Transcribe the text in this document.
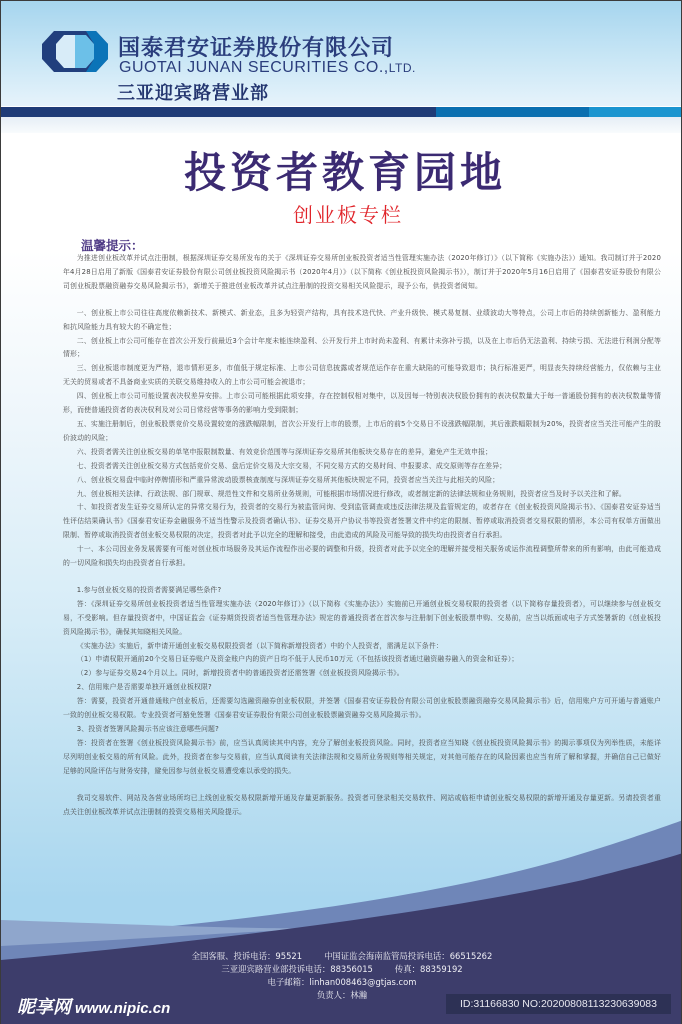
国泰君安证券股份有限公司
GUOTAI JUNAN SECURITIES CO.,LTD.
三亚迎宾路营业部
投资者教育园地
创业板专栏
温馨提示：

为推进创业板改革并试点注册制，根据深圳证券交易所发布的关于《深圳证券交易所创业板投资者适当性管理实施办法（2020年修订）》（以下简称《实施办法》）通知。我司制订并于2020年4月28日启用了新版《国泰君安证券股份有限公司创业板投资风险揭示书（2020年4月）》（以下简称《创业板投资风险揭示书》），制订并于2020年5月16日启用了《国泰君安证券股份有限公司创业板股票融资融券交易风险揭示书》，新增关于推进创业板改革并试点注册制的投资交易相关风险提示，现予公布，供投资者阅知。

一、创业板上市公司往往高度依赖新技术、新模式、新业态，且多为轻资产结构，具有技术迭代快、产业升级快、模式易复制、业绩波动大等特点，公司上市后的持续创新能力、盈利能力和抗风险能力具有较大的不确定性；

二、创业板上市公司可能存在首次公开发行前最近3个会计年度未能连续盈利、公开发行并上市时尚未盈利、有累计未弥补亏损，以及在上市后仍无法盈利、持续亏损、无法进行利润分配等情形；

三、创业板退市制度更为严格，退市情形更多，市值低于规定标准、上市公司信息披露或者规范运作存在重大缺陷的可能导致退市；执行标准更严，明显丧失持续经营能力，仅依赖与主业无关的贸易或者不具备商业实质的关联交易维持收入的上市公司可能会被退市；

四、创业板上市公司可能设置表决权差异安排。上市公司可能根据此项安排，存在控制权相对集中，以及因每一特别表决权股份拥有的表决权数量大于每一普通股份拥有的表决权数量等情形，而使普通投资者的表决权利及对公司日常经营等事务的影响力受到限制；

五、实施注册制后，创业板股票竞价交易设置较宽的涨跌幅限制，首次公开发行上市的股票，上市后的前5个交易日不设涨跌幅限制，其后涨跌幅限制为20%，投资者应当关注可能产生的股价波动的风险；

六、投资者需关注创业板交易的单笔申报限制数量、有效竞价范围等与深圳证券交易所其他板块交易存在的差异，避免产生无效申报；

七、投资者需关注创业板交易方式包括竞价交易、盘后定价交易及大宗交易，不同交易方式的交易时间、申报要求、成交原则等存在差异；

八、创业板交易盘中临时停牌情形和严重异常波动股票核查制度与深圳证券交易所其他板块规定不同，投资者应当关注与此相关的风险；

九、创业板相关法律、行政法规、部门规章、规范性文件和交易所业务规则，可能根据市场情况进行修改，或者制定新的法律法规和业务规则，投资者应当及时予以关注和了解。

十、如投资者发生证券交易所认定的异常交易行为，投资者的交易行为被监管问询、受到监管调查或违反法律法规及监管规定的，或者存在《创业板投资风险揭示书》、《国泰君安证券适当性评估结果确认书》《国泰君安证券金融服务不适当性警示及投资者确认书》、证券交易开户协议书等投资者签署文件中约定的限制、暂停或取消投资者交易权限的情形，本公司有权单方面做出限制、暂停或取消投资者创业板交易权限的决定，投资者对此予以完全的理解和接受，由此造成的风险及可能导致的损失均由投资者自行承担。

十一、本公司因业务发展需要有可能对创业板市场服务及其运作流程作出必要的调整和升级，投资者对此予以完全的理解并接受相关服务或运作流程调整所带来的所有影响，由此可能造成的一切风险和损失均由投资者自行承担。

1.参与创业板交易的投资者需要满足哪些条件?

答：《深圳证券交易所创业板投资者适当性管理实施办法（2020年修订）》（以下简称《实施办法》）实施前已开通创业板交易权限的投资者（以下简称存量投资者），可以继续参与创业板交易，不受影响。但存量投资者中，中国证监会《证券期货投资者适当性管理办法》规定的普通投资者在首次参与注册制下创业板股票申购、交易前，应当以纸面或电子方式签署新的《创业板投资风险揭示书》，确保其知晓相关风险。

《实施办法》实施后，新申请开通创业板交易权限投资者（以下简称新增投资者）中的个人投资者，需满足以下条件：

（1）申请权限开通前20个交易日证券账户及资金账户内的资产日均不低于人民币10万元（不包括该投资者通过融资融券融入的资金和证券）；

（2）参与证券交易24个月以上。同时，新增投资者中的普通投资者还需签署《创业板投资风险揭示书》。

2、信用账户是否需要单独开通创业板权限?

答：需要，投资者开通普通账户创业板后，还需要勾选融资融券创业板权限，并签署《国泰君安证券股份有限公司创业板股票融资融券交易风险揭示书》后，信用账户方可开通与普通账户一致的创业板交易权限。专业投资者可豁免签署《国泰君安证券股份有限公司创业板股票融资融券交易风险揭示书》。

3、投资者签署风险揭示书应该注意哪些问题?

答：投资者在签署《创业板投资风险揭示书》前，应当认真阅读其中内容，充分了解创业板投资风险。同时，投资者应当知晓《创业板投资风险揭示书》的揭示事项仅为列举性质，未能详尽列明创业板交易的所有风险。此外，投资者在参与交易前，应当认真阅读有关法律法规和交易所业务规则等相关规定，对其他可能存在的风险因素也应当有所了解和掌握，并确信自己已做好足够的风险评估与财务安排，避免因参与创业板交易遭受难以承受的损失。

我司交易软件、网站及各营业场所均已上线创业板交易权限新增开通及存量更新服务。投资者可登录相关交易软件、网站或临柜申请创业板交易权限的新增开通及存量更新。另请投资者重点关注创业板改革并试点注册制的投资交易相关风险提示。

全国客服、投诉电话：95521	中国证监会海南监管局投诉电话：66515262
三亚迎宾路营业部投诉电话：88356015	传真：88359192
电子邮箱：linhan008463@gtjas.com
负责人：林瀚
昵享网 www.nipic.cn	ID:31166830 NO:20200808113230639083
